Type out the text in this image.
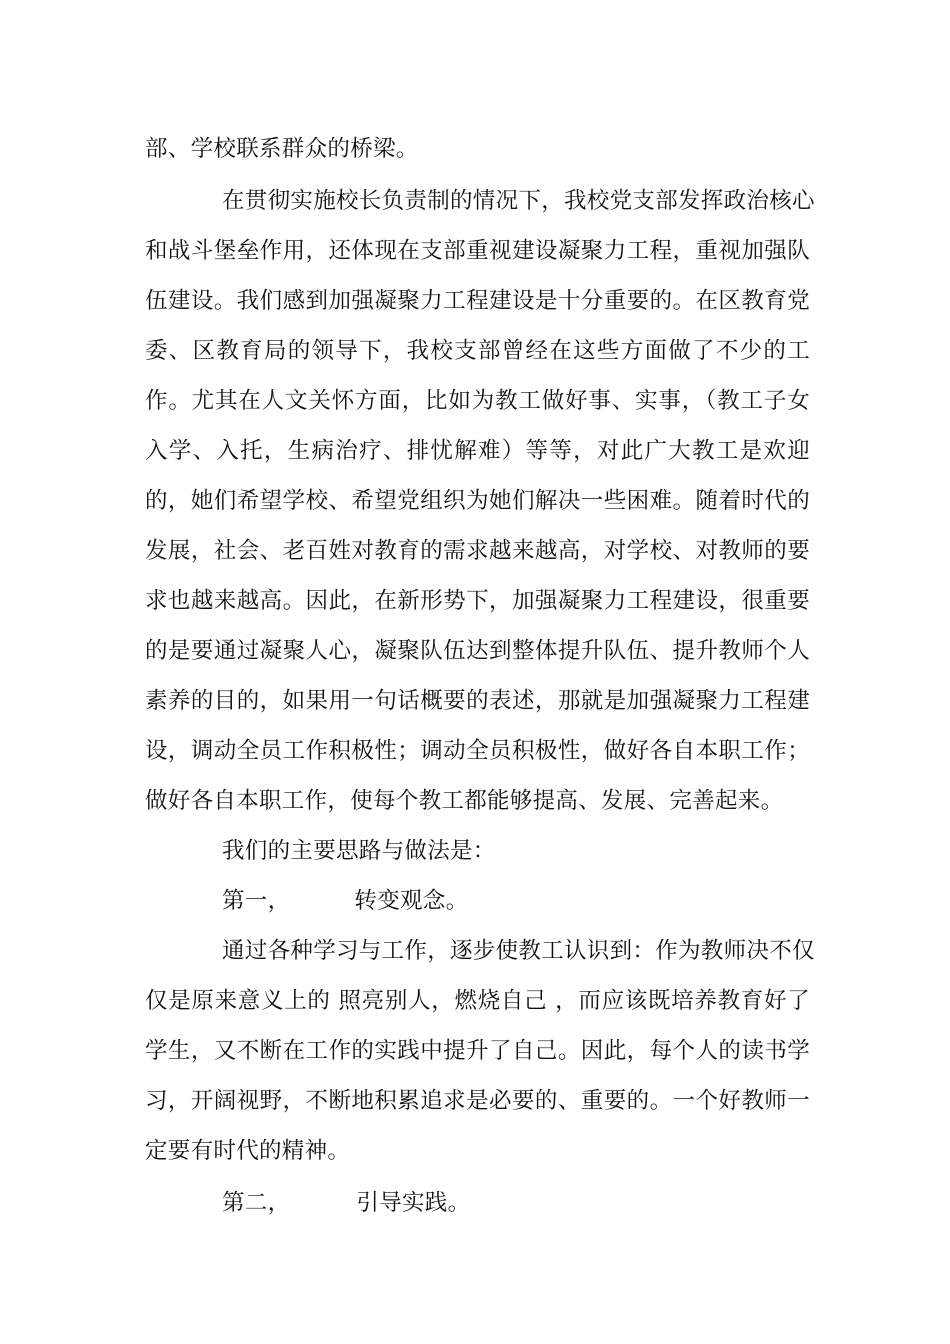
部、学校联系群众的桥梁。
在贯彻实施校长负责制的情况下，我校党支部发挥政治核心
和战斗堡垒作用，还体现在支部重视建设凝聚力工程，重视加强队
伍建设。我们感到加强凝聚力工程建设是十分重要的。在区教育党
委、区教育局的领导下，我校支部曾经在这些方面做了不少的工
作。尤其在人文关怀方面，比如为教工做好事、实事，（教工子女
入学、入托，生病治疗、排忧解难）等等，对此广大教工是欢迎
的，她们希望学校、希望党组织为她们解决一些困难。随着时代的
发展，社会、老百姓对教育的需求越来越高，对学校、对教师的要
求也越来越高。因此，在新形势下，加强凝聚力工程建设，很重要
的是要通过凝聚人心，凝聚队伍达到整体提升队伍、提升教师个人
素养的目的，如果用一句话概要的表述，那就是加强凝聚力工程建
设，调动全员工作积极性；调动全员积极性，做好各自本职工作；
做好各自本职工作，使每个教工都能够提高、发展、完善起来。
我们的主要思路与做法是：
第一，	转变观念。
通过各种学习与工作，逐步使教工认识到：作为教师决不仅
仅是原来意义上的 照亮别人，燃烧自己 ，而应该既培养教育好了
学生，又不断在工作的实践中提升了自己。因此，每个人的读书学
习，开阔视野，不断地积累追求是必要的、重要的。一个好教师一
定要有时代的精神。
第二，	引导实践。
